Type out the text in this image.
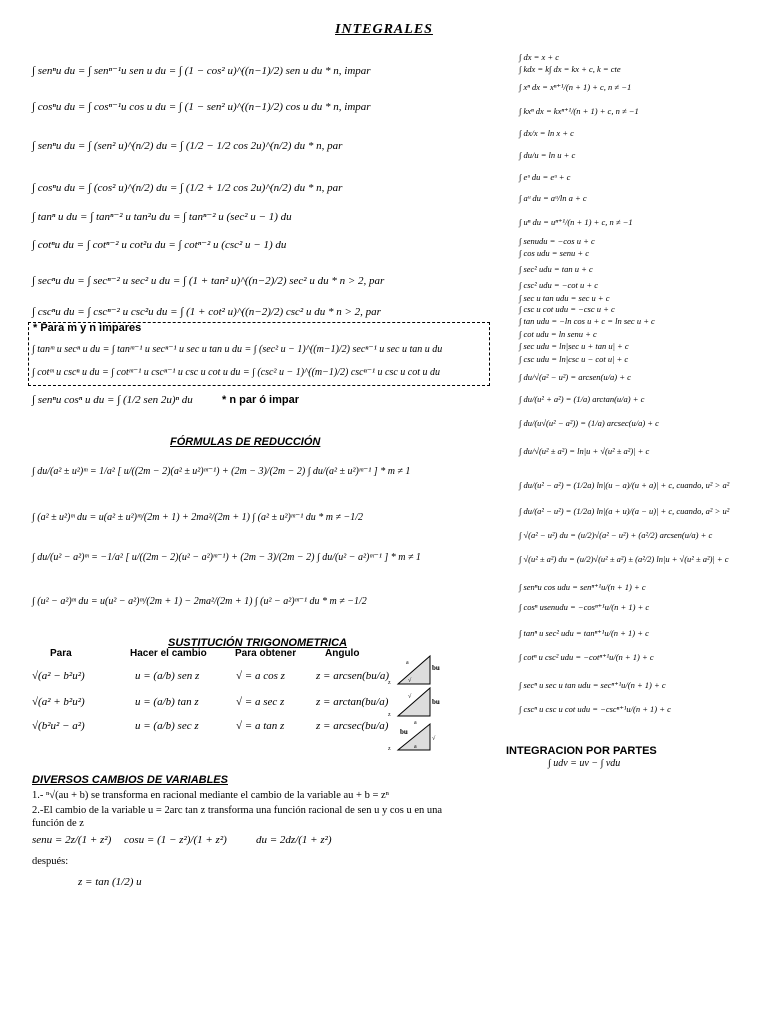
INTEGRALES
∫ senⁿu du = ∫ senⁿ⁻¹u sen u du = ∫ (1 − cos² u)^((n−1)/2) sen u du * n, impar
∫ cosⁿu du = ∫ cosⁿ⁻¹u cos u du = ∫ (1 − sen² u)^((n−1)/2) cos u du * n, impar
∫ senⁿu du = ∫ (sen² u)^(n/2) du = ∫ (1/2 − 1/2 cos 2u)^(n/2) du * n, par
∫ cosⁿu du = ∫ (cos² u)^(n/2) du = ∫ (1/2 + 1/2 cos 2u)^(n/2) du * n, par
∫ tanⁿ u du = ∫ tanⁿ⁻² u tan²u du = ∫ tanⁿ⁻² u (sec² u − 1) du
∫ cotⁿu du = ∫ cotⁿ⁻² u cot²u du = ∫ cotⁿ⁻² u (csc² u − 1) du
∫ secⁿu du = ∫ secⁿ⁻² u sec² u du = ∫ (1 + tan² u)^((n−2)/2) sec² u du * n > 2, par
∫ cscⁿu du = ∫ cscⁿ⁻² u csc²u du = ∫ (1 + cot² u)^((n−2)/2) csc² u du * n > 2, par
* Para m y n impares
∫ tanᵐ u secⁿ u du = ∫ tanᵐ⁻¹ u secⁿ⁻¹ u sec u tan u du = ∫ (sec² u − 1)^((m−1)/2) secⁿ⁻¹ u sec u tan u du
∫ cotᵐ u cscⁿ u du = ∫ cotᵐ⁻¹ u cscⁿ⁻¹ u csc u cot u du = ∫ (csc² u − 1)^((m−1)/2) cscⁿ⁻¹ u csc u cot u du
∫ senⁿu cosⁿ u du = ∫ (1/2 sen 2u)ⁿ du	* n par ó impar
FÓRMULAS DE REDUCCIÓN
∫ du/(a² ± u²)ᵐ = 1/a² [ u/((2m − 2)(a² ± u²)ᵐ⁻¹) + (2m − 3)/(2m − 2) ∫ du/(a² ± u²)ᵐ⁻¹ ] * m ≠ 1
∫ (a² ± u²)ᵐ du = u(a² ± u²)ᵐ/(2m + 1) + 2ma²/(2m + 1) ∫ (a² ± u²)ᵐ⁻¹ du * m ≠ −1/2
∫ du/(u² − a²)ᵐ = −1/a² [ u/((2m − 2)(u² − a²)ᵐ⁻¹) + (2m − 3)/(2m − 2) ∫ du/(u² − a²)ᵐ⁻¹ ] * m ≠ 1
∫ (u² − a²)ᵐ du = u(u² − a²)ᵐ/(2m + 1) − 2ma²/(2m + 1) ∫ (u² − a²)ᵐ⁻¹ du * m ≠ −1/2
SUSTITUCIÓN TRIGONOMETRICA
Para	Hacer el cambio	Para obtener	Angulo
√(a² − b²u²)	u = (a/b) sen z	√ = a cos z	z = arcsen(bu/a)
√(a² + b²u²)	u = (a/b) tan z	√ = a sec z	z = arctan(bu/a)
√(b²u² − a²)	u = (a/b) sec z	√ = a tan z	z = arcsec(bu/a)
z
a
bu
√
z
√
bu
a
z
bu
√
a
DIVERSOS CAMBIOS DE VARIABLES
1.- ⁿ√(au + b) se transforma en racional mediante el cambio de la variable au + b = zⁿ
2.-El cambio de la variable u = 2arc tan z transforma una función racional de sen u y cos u en una función de z
senu = 2z/(1 + z²) cosu = (1 − z²)/(1 + z²)	du = 2dz/(1 + z²)
después:
z = tan (1/2) u
∫ dx = x + c
∫ kdx = k∫ dx = kx + c, k = cte
∫ xⁿ dx = xⁿ⁺¹/(n + 1) + c, n ≠ −1
∫ kxⁿ dx = kxⁿ⁺¹/(n + 1) + c, n ≠ −1
∫ dx/x = ln x + c
∫ du/u = ln u + c
∫ eᵘ du = eᵘ + c
∫ aᵘ du = aᵘ/ln a + c
∫ uⁿ du = uⁿ⁺¹/(n + 1) + c, n ≠ −1
∫ senudu = −cos u + c
∫ cos udu = senu + c
∫ sec² udu = tan u + c
∫ csc² udu = −cot u + c
∫ sec u tan udu = sec u + c
∫ csc u cot udu = −csc u + c
∫ tan udu = −ln cos u + c = ln sec u + c
∫ cot udu = ln senu + c
∫ sec udu = ln|sec u + tan u| + c
∫ csc udu = ln|csc u − cot u| + c
∫ du/√(a² − u²) = arcsen(u/a) + c
∫ du/(u² + a²) = (1/a) arctan(u/a) + c
∫ du/(u√(u² − a²)) = (1/a) arcsec(u/a) + c
∫ du/√(u² ± a²) = ln|u + √(u² ± a²)| + c
∫ du/(u² − a²) = (1/2a) ln|(u − a)/(u + a)| + c, cuando, u² > a²
∫ du/(a² − u²) = (1/2a) ln|(a + u)/(a − u)| + c, cuando, a² > u²
∫ √(a² − u²) du = (u/2)√(a² − u²) + (a²/2) arcsen(u/a) + c
∫ √(u² ± a²) du = (u/2)√(u² ± a²) ± (a²/2) ln|u + √(u² ± a²)| + c
∫ senⁿu cos udu = senⁿ⁺¹u/(n + 1) + c
∫ cosⁿ usenudu = −cosⁿ⁺¹u/(n + 1) + c
∫ tanⁿ u sec² udu = tanⁿ⁺¹u/(n + 1) + c
∫ cotⁿ u csc² udu = −cotⁿ⁺¹u/(n + 1) + c
∫ secⁿ u sec u tan udu = secⁿ⁺¹u/(n + 1) + c
∫ cscⁿ u csc u cot udu = −cscⁿ⁺¹u/(n + 1) + c
INTEGRACION POR PARTES
∫ udv = uv − ∫ vdu
